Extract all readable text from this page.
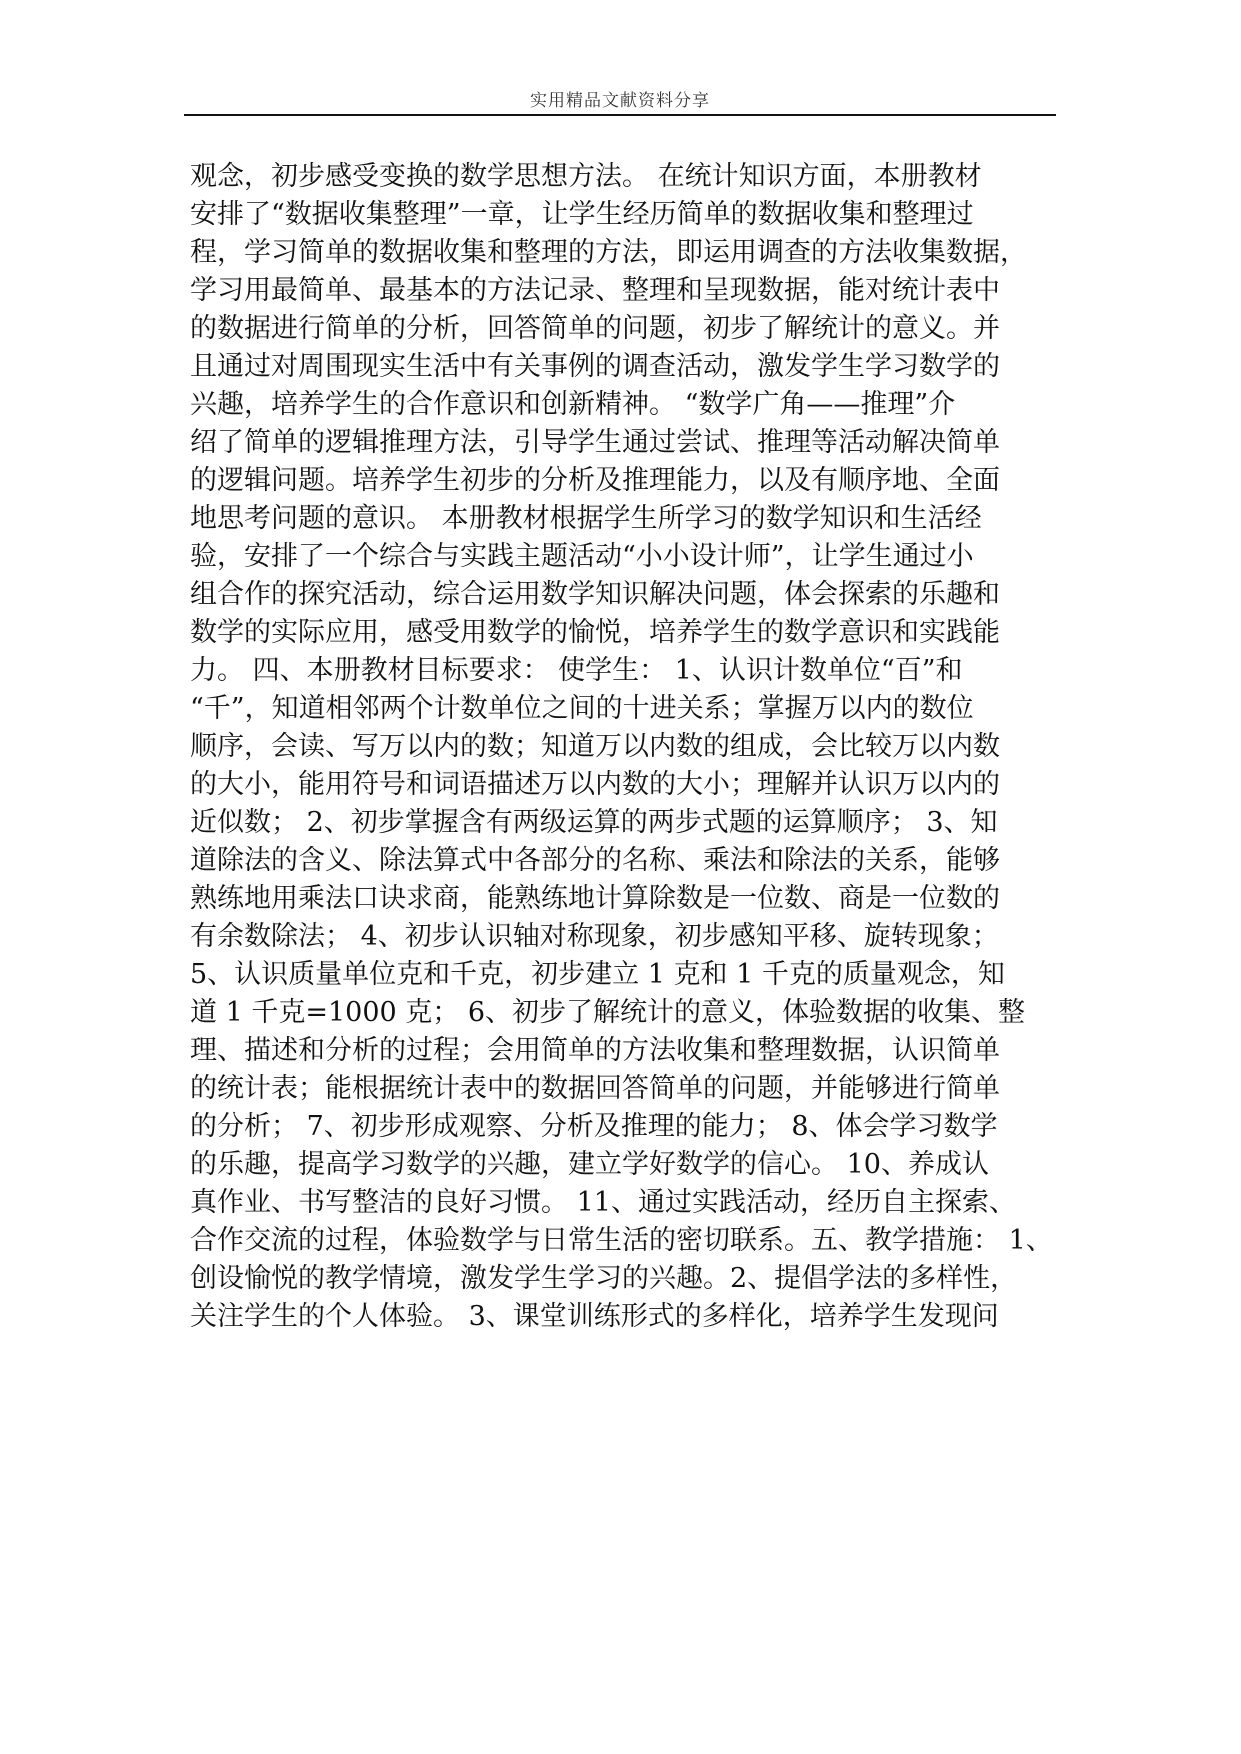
实用精品文献资料分享
观念，初步感受变换的数学思想方法。 在统计知识方面，本册教材
安排了“数据收集整理”一章，让学生经历简单的数据收集和整理过
程，学习简单的数据收集和整理的方法，即运用调查的方法收集数据，
学习用最简单、最基本的方法记录、整理和呈现数据，能对统计表中
的数据进行简单的分析，回答简单的问题，初步了解统计的意义。并
且通过对周围现实生活中有关事例的调查活动，激发学生学习数学的
兴趣，培养学生的合作意识和创新精神。 “数学广角——推理”介
绍了简单的逻辑推理方法，引导学生通过尝试、推理等活动解决简单
的逻辑问题。培养学生初步的分析及推理能力，以及有顺序地、全面
地思考问题的意识。 本册教材根据学生所学习的数学知识和生活经
验，安排了一个综合与实践主题活动“小小设计师”，让学生通过小
组合作的探究活动，综合运用数学知识解决问题，体会探索的乐趣和
数学的实际应用，感受用数学的愉悦，培养学生的数学意识和实践能
力。 四、本册教材目标要求： 使学生： 1、认识计数单位“百”和
“千”，知道相邻两个计数单位之间的十进关系；掌握万以内的数位
顺序，会读、写万以内的数；知道万以内数的组成，会比较万以内数
的大小，能用符号和词语描述万以内数的大小；理解并认识万以内的
近似数； 2、初步掌握含有两级运算的两步式题的运算顺序； 3、知
道除法的含义、除法算式中各部分的名称、乘法和除法的关系，能够
熟练地用乘法口诀求商，能熟练地计算除数是一位数、商是一位数的
有余数除法； 4、初步认识轴对称现象，初步感知平移、旋转现象；
5、认识质量单位克和千克，初步建立 1 克和 1 千克的质量观念，知
道 1 千克=1000 克； 6、初步了解统计的意义，体验数据的收集、整
理、描述和分析的过程；会用简单的方法收集和整理数据，认识简单
的统计表；能根据统计表中的数据回答简单的问题，并能够进行简单
的分析； 7、初步形成观察、分析及推理的能力； 8、体会学习数学
的乐趣，提高学习数学的兴趣，建立学好数学的信心。 10、养成认
真作业、书写整洁的良好习惯。 11、通过实践活动，经历自主探索、
合作交流的过程，体验数学与日常生活的密切联系。五、教学措施： 1、
创设愉悦的教学情境，激发学生学习的兴趣。2、提倡学法的多样性，
关注学生的个人体验。 3、课堂训练形式的多样化，培养学生发现问
